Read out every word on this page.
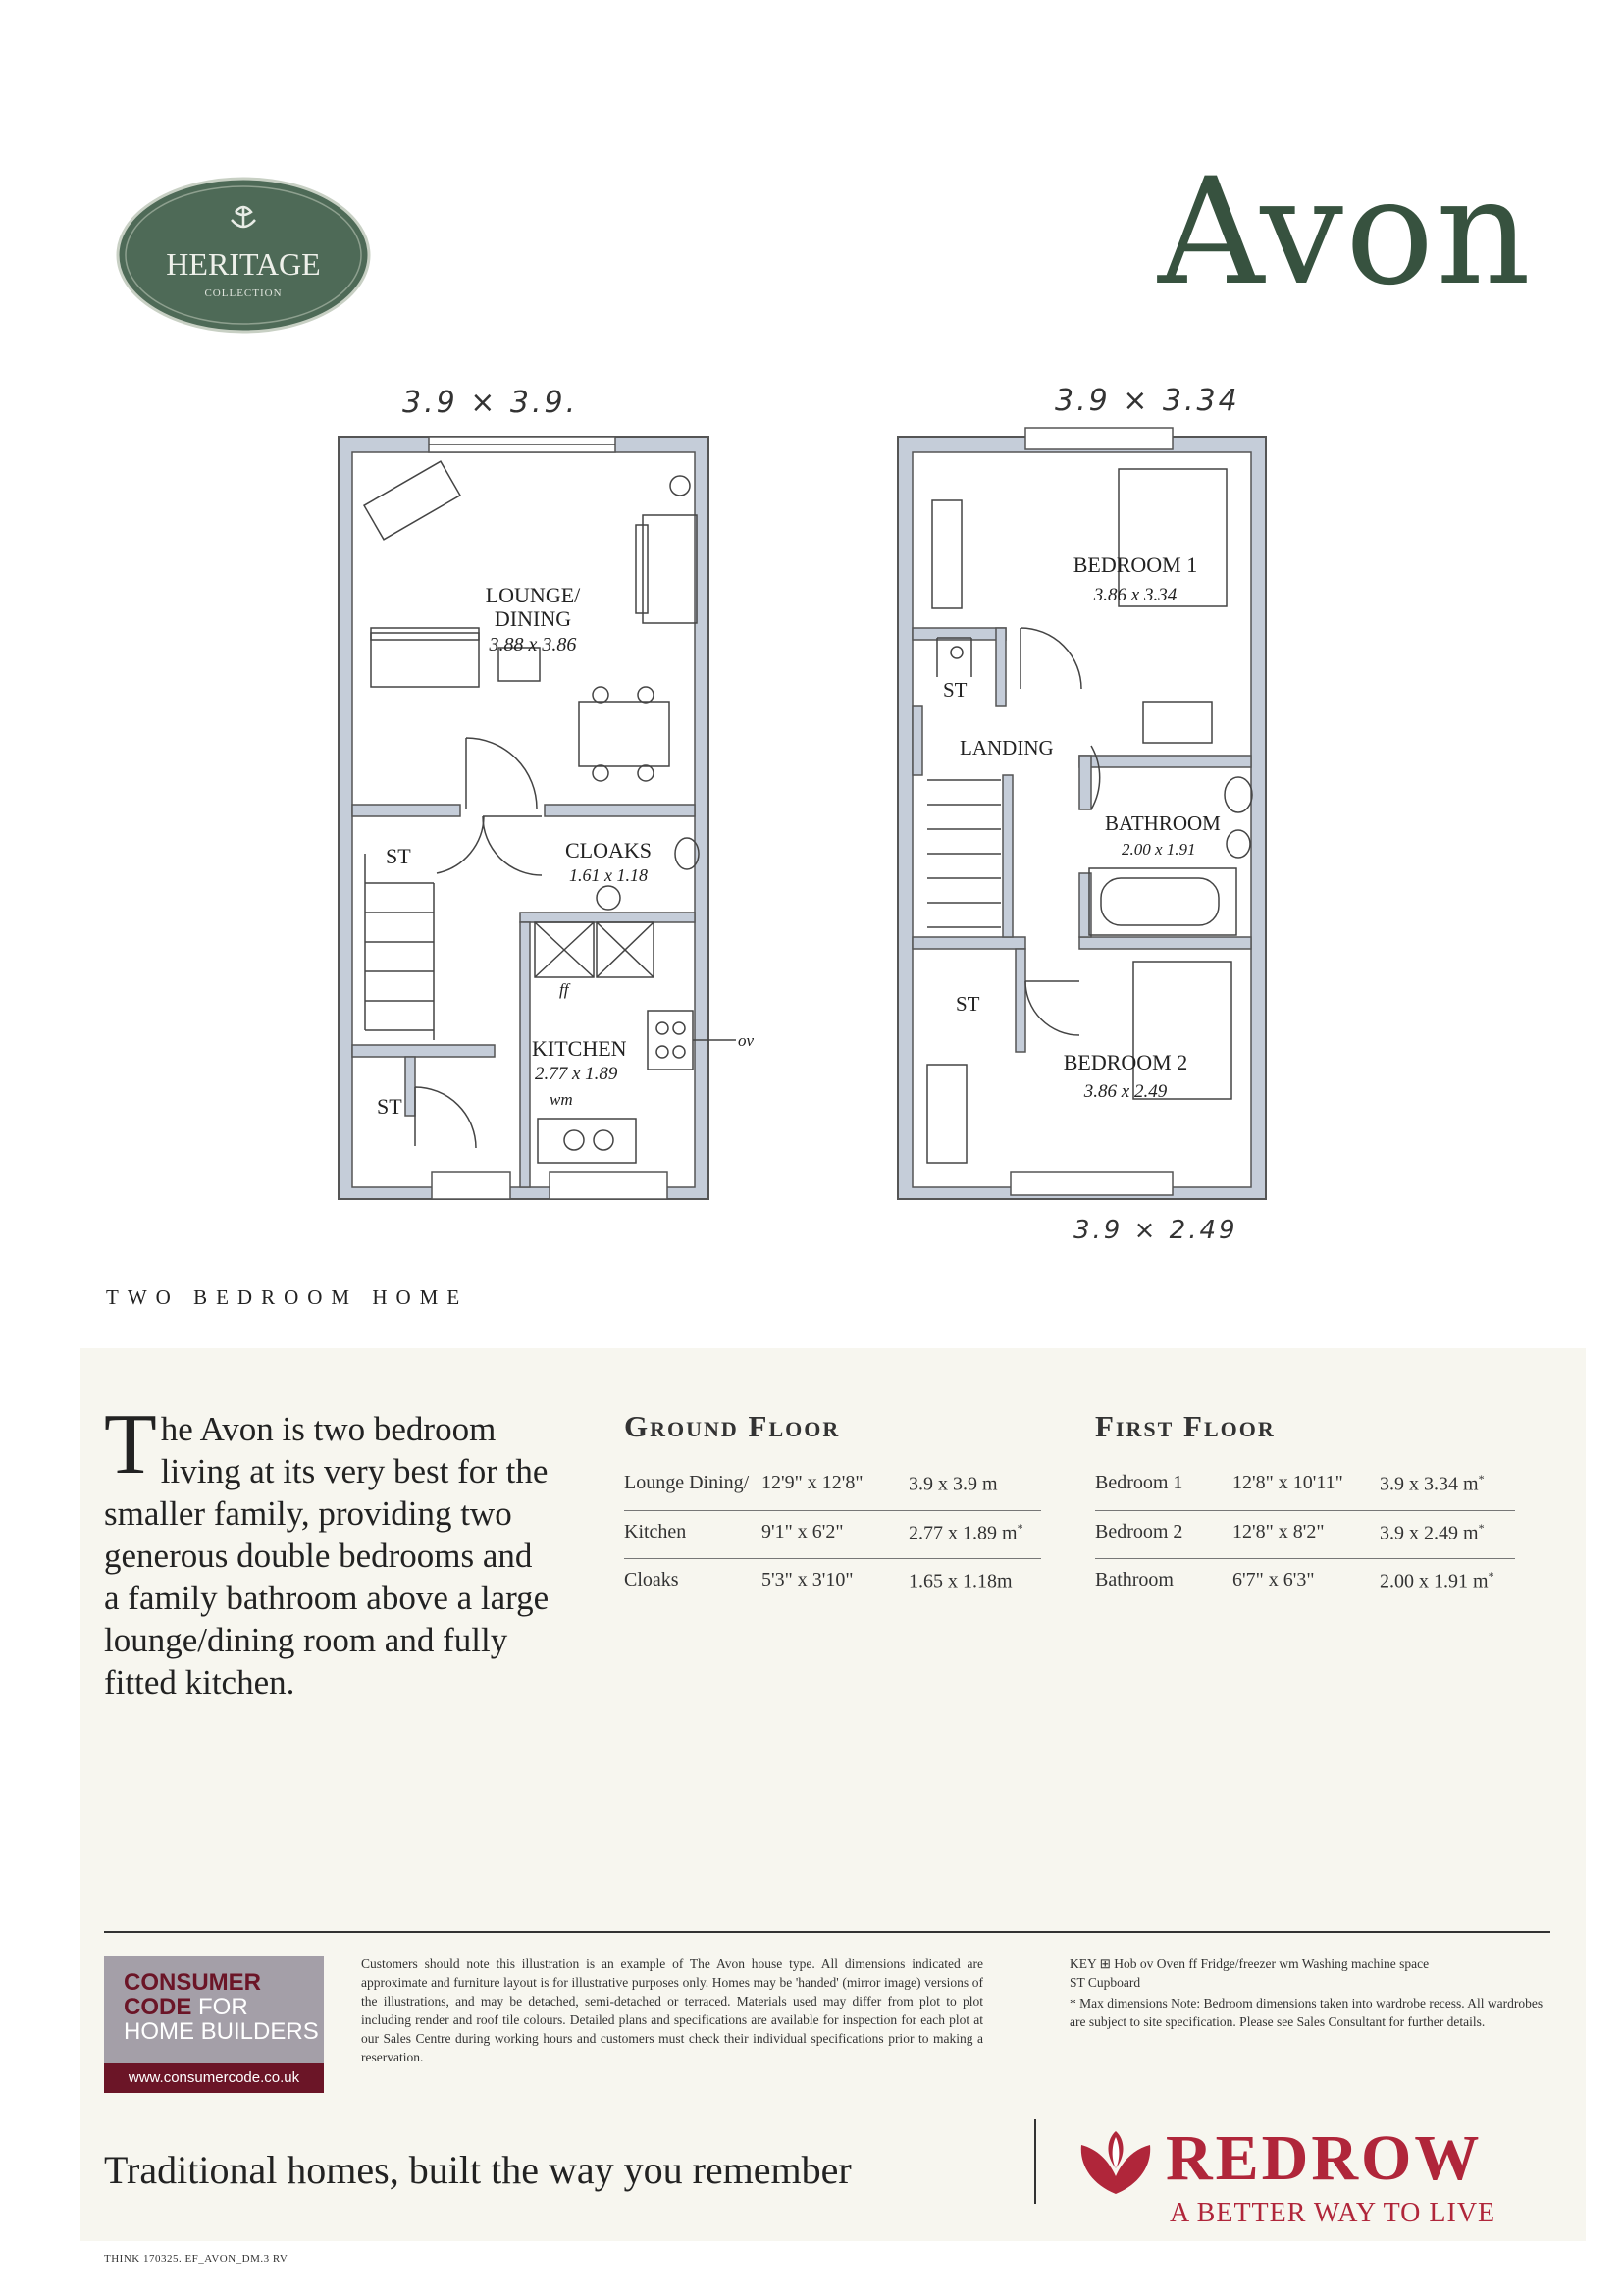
HERITAGE
COLLECTION	Avon
LOUNGE/
DINING
3.88 x 3.86
ST	CLOAKS
1.61 x 1.18
KITCHEN
2.77 x 1.89
ff
wm
ov
ST
BEDROOM 1
3.86 x 3.34
ST
LANDING
BATHROOM
2.00 x 1.91
ST
BEDROOM 2
3.86 x 2.49
3.9 × 3.9.	3.9 × 3.34
3.9 × 2.49
TWO BEDROOM HOME
The Avon is two bedroom living at its very best for the smaller family, providing two generous double bedrooms and a family bathroom above a large lounge/dining room and fully fitted kitchen.
Ground Floor
Lounge Dining/	12'9" x 12'8"	3.9 x 3.9 m
Kitchen	9'1" x 6'2"	2.77 x 1.89 m*
Cloaks	5'3" x 3'10"	1.65 x 1.18m
First Floor
Bedroom 1	12'8" x 10'11"	3.9 x 3.34 m*
Bedroom 2	12'8" x 8'2"	3.9 x 2.49 m*
Bathroom	6'7" x 6'3"	2.00 x 1.91 m*
CONSUMER
CODE FOR
HOME BUILDERS
www.consumercode.co.uk
Customers should note this illustration is an example of The Avon house type. All dimensions indicated are approximate and furniture layout is for illustrative purposes only. Homes may be 'handed' (mirror image) versions of the illustrations, and may be detached, semi-detached or terraced. Materials used may differ from plot to plot including render and roof tile colours. Detailed plans and specifications are available for inspection for each plot at our Sales Centre during working hours and customers must check their individual specifications prior to making a reservation.
KEY ⊞ Hob ov Oven ff Fridge/freezer wm Washing machine space
ST Cupboard
* Max dimensions Note: Bedroom dimensions taken into wardrobe recess. All wardrobes are subject to site specification. Please see Sales Consultant for further details.
Traditional homes, built the way you remember	REDROW
A BETTER WAY TO LIVE
THINK 170325. EF_AVON_DM.3 RV
